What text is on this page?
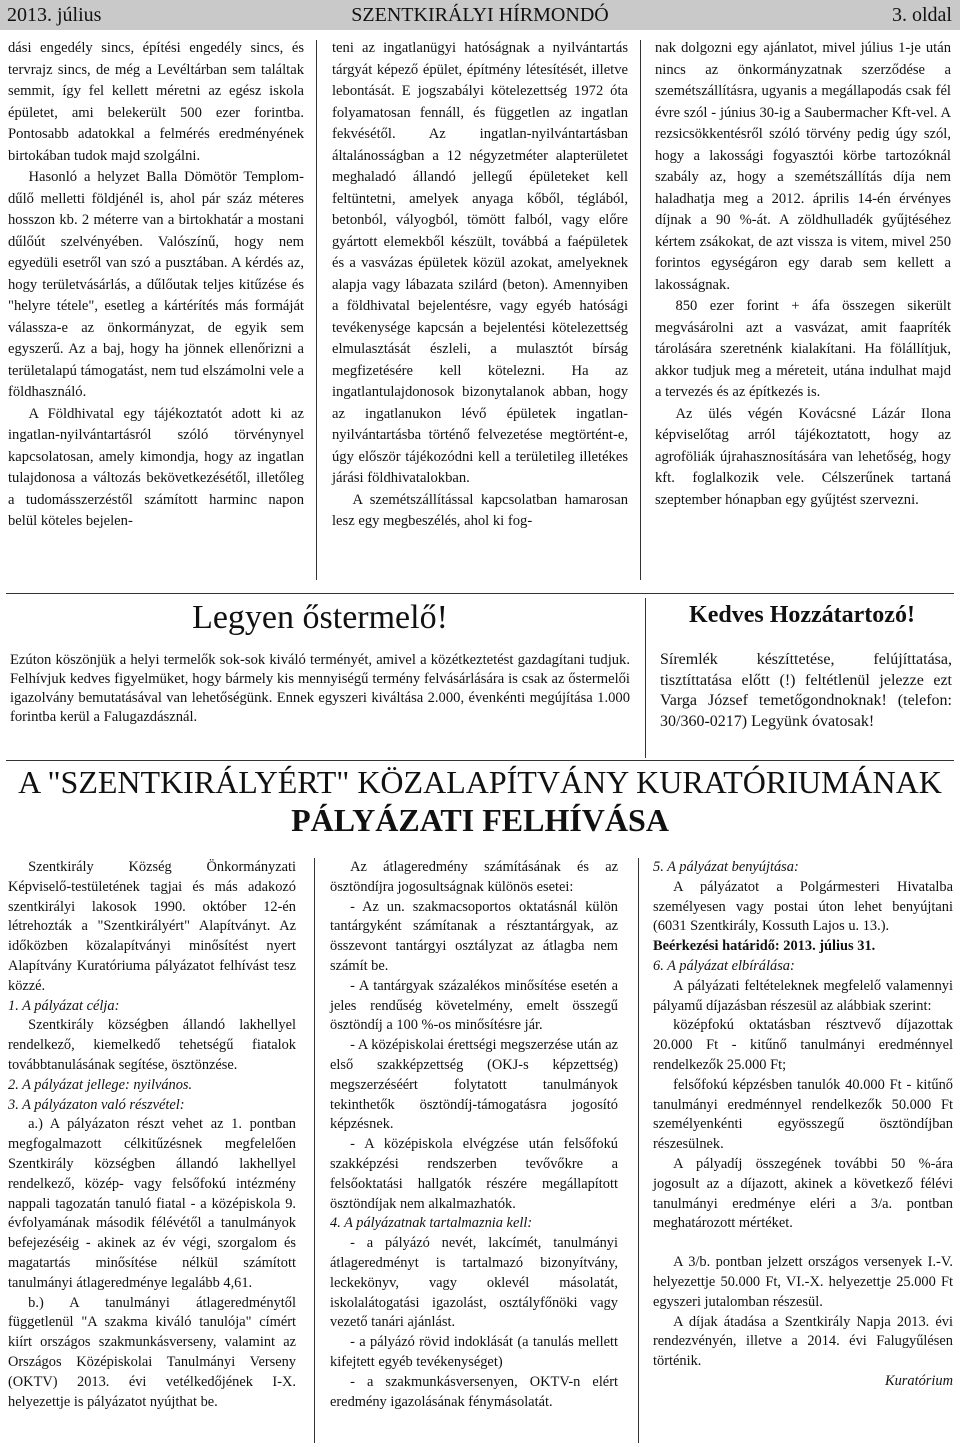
2013. július	SZENTKIRÁLYI HÍRMONDÓ	3. oldal

dási engedély sincs, építési engedély sincs, és tervrajz sincs, de még a Levéltárban sem találtak semmit, így fel kellett méretni az egész iskola épületet, ami belekerült 500 ezer forintba. Pontosabb adatokkal a felmérés eredményének birtokában tudok majd szolgálni.

Hasonló a helyzet Balla Dömötör Templom-dűlő melletti földjénél is, ahol pár száz méteres hosszon kb. 2 méterre van a birtokhatár a mostani dűlőút szelvényében. Valószínű, hogy nem egyedüli esetről van szó a pusztában. A kérdés az, hogy területvásárlás, a dűlőutak teljes kitűzése és "helyre tétele", esetleg a kártérítés más formáját válassza-e az önkormányzat, de egyik sem egyszerű. Az a baj, hogy ha jönnek ellenőrizni a területalapú támogatást, nem tud elszámolni vele a földhasználó.

A Földhivatal egy tájékoztatót adott ki az ingatlan-nyilvántartásról szóló törvénynyel kapcsolatosan, amely kimondja, hogy az ingatlan tulajdonosa a változás bekövetkezésétől, illetőleg a tudomásszerzéstől számított harminc napon belül köteles bejelen-

teni az ingatlanügyi hatóságnak a nyilvántartás tárgyát képező épület, építmény létesítését, illetve lebontását. E jogszabályi kötelezettség 1972 óta folyamatosan fennáll, és független az ingatlan fekvésétől. Az ingatlan-nyilvántartásban általánosságban a 12 négyzetméter alapterületet meghaladó állandó jellegű épületeket kell feltüntetni, amelyek anyaga kőből, téglából, betonból, vályogból, tömött falból, vagy előre gyártott elemekből készült, továbbá a faépületek és a vasvázas épületek közül azokat, amelyeknek alapja vagy lábazata szilárd (beton). Amennyiben a földhivatal bejelentésre, vagy egyéb hatósági tevékenysége kapcsán a bejelentési kötelezettség elmulasztását észleli, a mulasztót bírság megfizetésére kell kötelezni. Ha az ingatlantulajdonosok bizonytalanok abban, hogy az ingatlanukon lévő épületek ingatlan-nyilvántartásba történő felvezetése megtörtént-e, úgy először tájékozódni kell a területileg illetékes járási földhivatalokban.

A szemétszállítással kapcsolatban hamarosan lesz egy megbeszélés, ahol ki fog-

nak dolgozni egy ajánlatot, mivel július 1-je után nincs az önkormányzatnak szerződése a szemétszállításra, ugyanis a megállapodás csak fél évre szól - június 30-ig a Saubermacher Kft-vel. A rezsicsökkentésről szóló törvény pedig úgy szól, hogy a lakossági fogyasztói körbe tartozóknál szabály az, hogy a szemétszállítás díja nem haladhatja meg a 2012. április 14-én érvényes díjnak a 90 %-át. A zöldhulladék gyűjtéséhez kértem zsákokat, de azt vissza is vitem, mivel 250 forintos egységáron egy darab sem kellett a lakosságnak.

850 ezer forint + áfa összegen sikerült megvásárolni azt a vasvázat, amit faapríték tárolására szeretnénk kialakítani. Ha fölállítjuk, akkor tudjuk meg a méreteit, utána indulhat majd a tervezés és az építkezés is.

Az ülés végén Kovácsné Lázár Ilona képviselőtag arról tájékoztatott, hogy az agroföliák újrahasznosítására van lehetőség, hogy kft. foglalkozik vele. Célszerűnek tartaná szeptember hónapban egy gyűjtést szervezni.

Legyen őstermelő!

Ezúton köszönjük a helyi termelők sok-sok kiváló terményét, amivel a közétkeztetést gazdagítani tudjuk. Felhívjuk kedves figyelmüket, hogy bármely kis mennyiségű termény felvásárlására is csak az őstermelői igazolvány bemutatásával van lehetőségünk. Ennek egyszeri kiváltása 2.000, évenkénti megújítása 1.000 forintba kerül a Falugazdásznál.

Kedves Hozzátartozó!

Síremlék készíttetése, felújíttatása, tisztíttatása előtt (!) feltétlenül jelezze ezt Varga József temetőgondnoknak! (telefon: 30/360-0217) Legyünk óvatosak!

A "SZENTKIRÁLYÉRT" KÖZALAPÍTVÁNY KURATÓRIUMÁNAK
PÁLYÁZATI FELHÍVÁSA

Szentkirály Község Önkormányzati Képviselő-testületének tagjai és más adakozó szentkirályi lakosok 1990. október 12-én létrehozták a "Szentkirályért" Alapítványt. Az időközben közalapítványi minősítést nyert Alapítvány Kuratóriuma pályázatot felhívást tesz közzé.

1. A pályázat célja:

Szentkirály községben állandó lakhellyel rendelkező, kiemelkedő tehetségű fiatalok továbbtanulásának segítése, ösztönzése.

2. A pályázat jellege: nyilvános.

3. A pályázaton való részvétel:

a.) A pályázaton részt vehet az 1. pontban megfogalmazott célkitűzésnek megfelelően Szentkirály községben állandó lakhellyel rendelkező, közép- vagy felsőfokú intézmény nappali tagozatán tanuló fiatal - a középiskola 9. évfolyamának második félévétől a tanulmányok befejezéséig - akinek az év végi, szorgalom és magatartás minősítése nélkül számított tanulmányi átlageredménye legalább 4,61.

b.) A tanulmányi átlageredménytől függetlenül "A szakma kiváló tanulója" címért kiírt országos szakmunkásverseny, valamint az Országos Középiskolai Tanulmányi Verseny (OKTV) 2013. évi vetélkedőjének I-X. helyezettje is pályázatot nyújthat be.

Az átlageredmény számításának és az ösztöndíjra jogosultságnak különös esetei:

- Az un. szakmacsoportos oktatásnál külön tantárgyként számítanak a résztantárgyak, az összevont tantárgyi osztályzat az átlagba nem számít be.

- A tantárgyak százalékos minősítése esetén a jeles rendűség követelmény, emelt összegű ösztöndíj a 100 %-os minősítésre jár.

- A középiskolai érettségi megszerzése után az első szakképzettség (OKJ-s képzettség) megszerzéséért folytatott tanulmányok tekinthetők ösztöndíj-támogatásra jogosító képzésnek.

- A középiskola elvégzése után felsőfokú szakképzési rendszerben tevővőkre a felsőoktatási hallgatók részére megállapított ösztöndíjak nem alkalmazhatók.

4. A pályázatnak tartalmaznia kell:

- a pályázó nevét, lakcímét, tanulmányi átlageredményt is tartalmazó bizonyítvány, leckekönyv, vagy oklevél másolatát, iskolalátogatási igazolást, osztályfőnöki vagy vezető tanári ajánlást.

- a pályázó rövid indoklását (a tanulás mellett kifejtett egyéb tevékenységet)

- a szakmunkásversenyen, OKTV-n elért eredmény igazolásának fénymásolatát.

5. A pályázat benyújtása:

A pályázatot a Polgármesteri Hivatalba személyesen vagy postai úton lehet benyújtani (6031 Szentkirály, Kossuth Lajos u. 13.).

Beérkezési határidő: 2013. július 31.

6. A pályázat elbírálása:

A pályázati feltételeknek megfelelő valamennyi pályamű díjazásban részesül az alábbiak szerint:

középfokú oktatásban résztvevő díjazottak 20.000 Ft - kitűnő tanulmányi eredménnyel rendelkezők 25.000 Ft;

felsőfokú képzésben tanulók 40.000 Ft - kitűnő tanulmányi eredménnyel rendelkezők 50.000 Ft személyenkénti egyösszegű ösztöndíjban részesülnek.

A pályadíj összegének további 50 %-ára jogosult az a díjazott, akinek a következő félévi tanulmányi eredménye eléri a 3/a. pontban meghatározott mértéket.

A 3/b. pontban jelzett országos versenyek I.-V. helyezettje 50.000 Ft, VI.-X. helyezettje 25.000 Ft egyszeri jutalomban részesül.

A díjak átadása a Szentkirály Napja 2013. évi rendezvényén, illetve a 2014. évi Falugyűlésen történik.

Kuratórium
